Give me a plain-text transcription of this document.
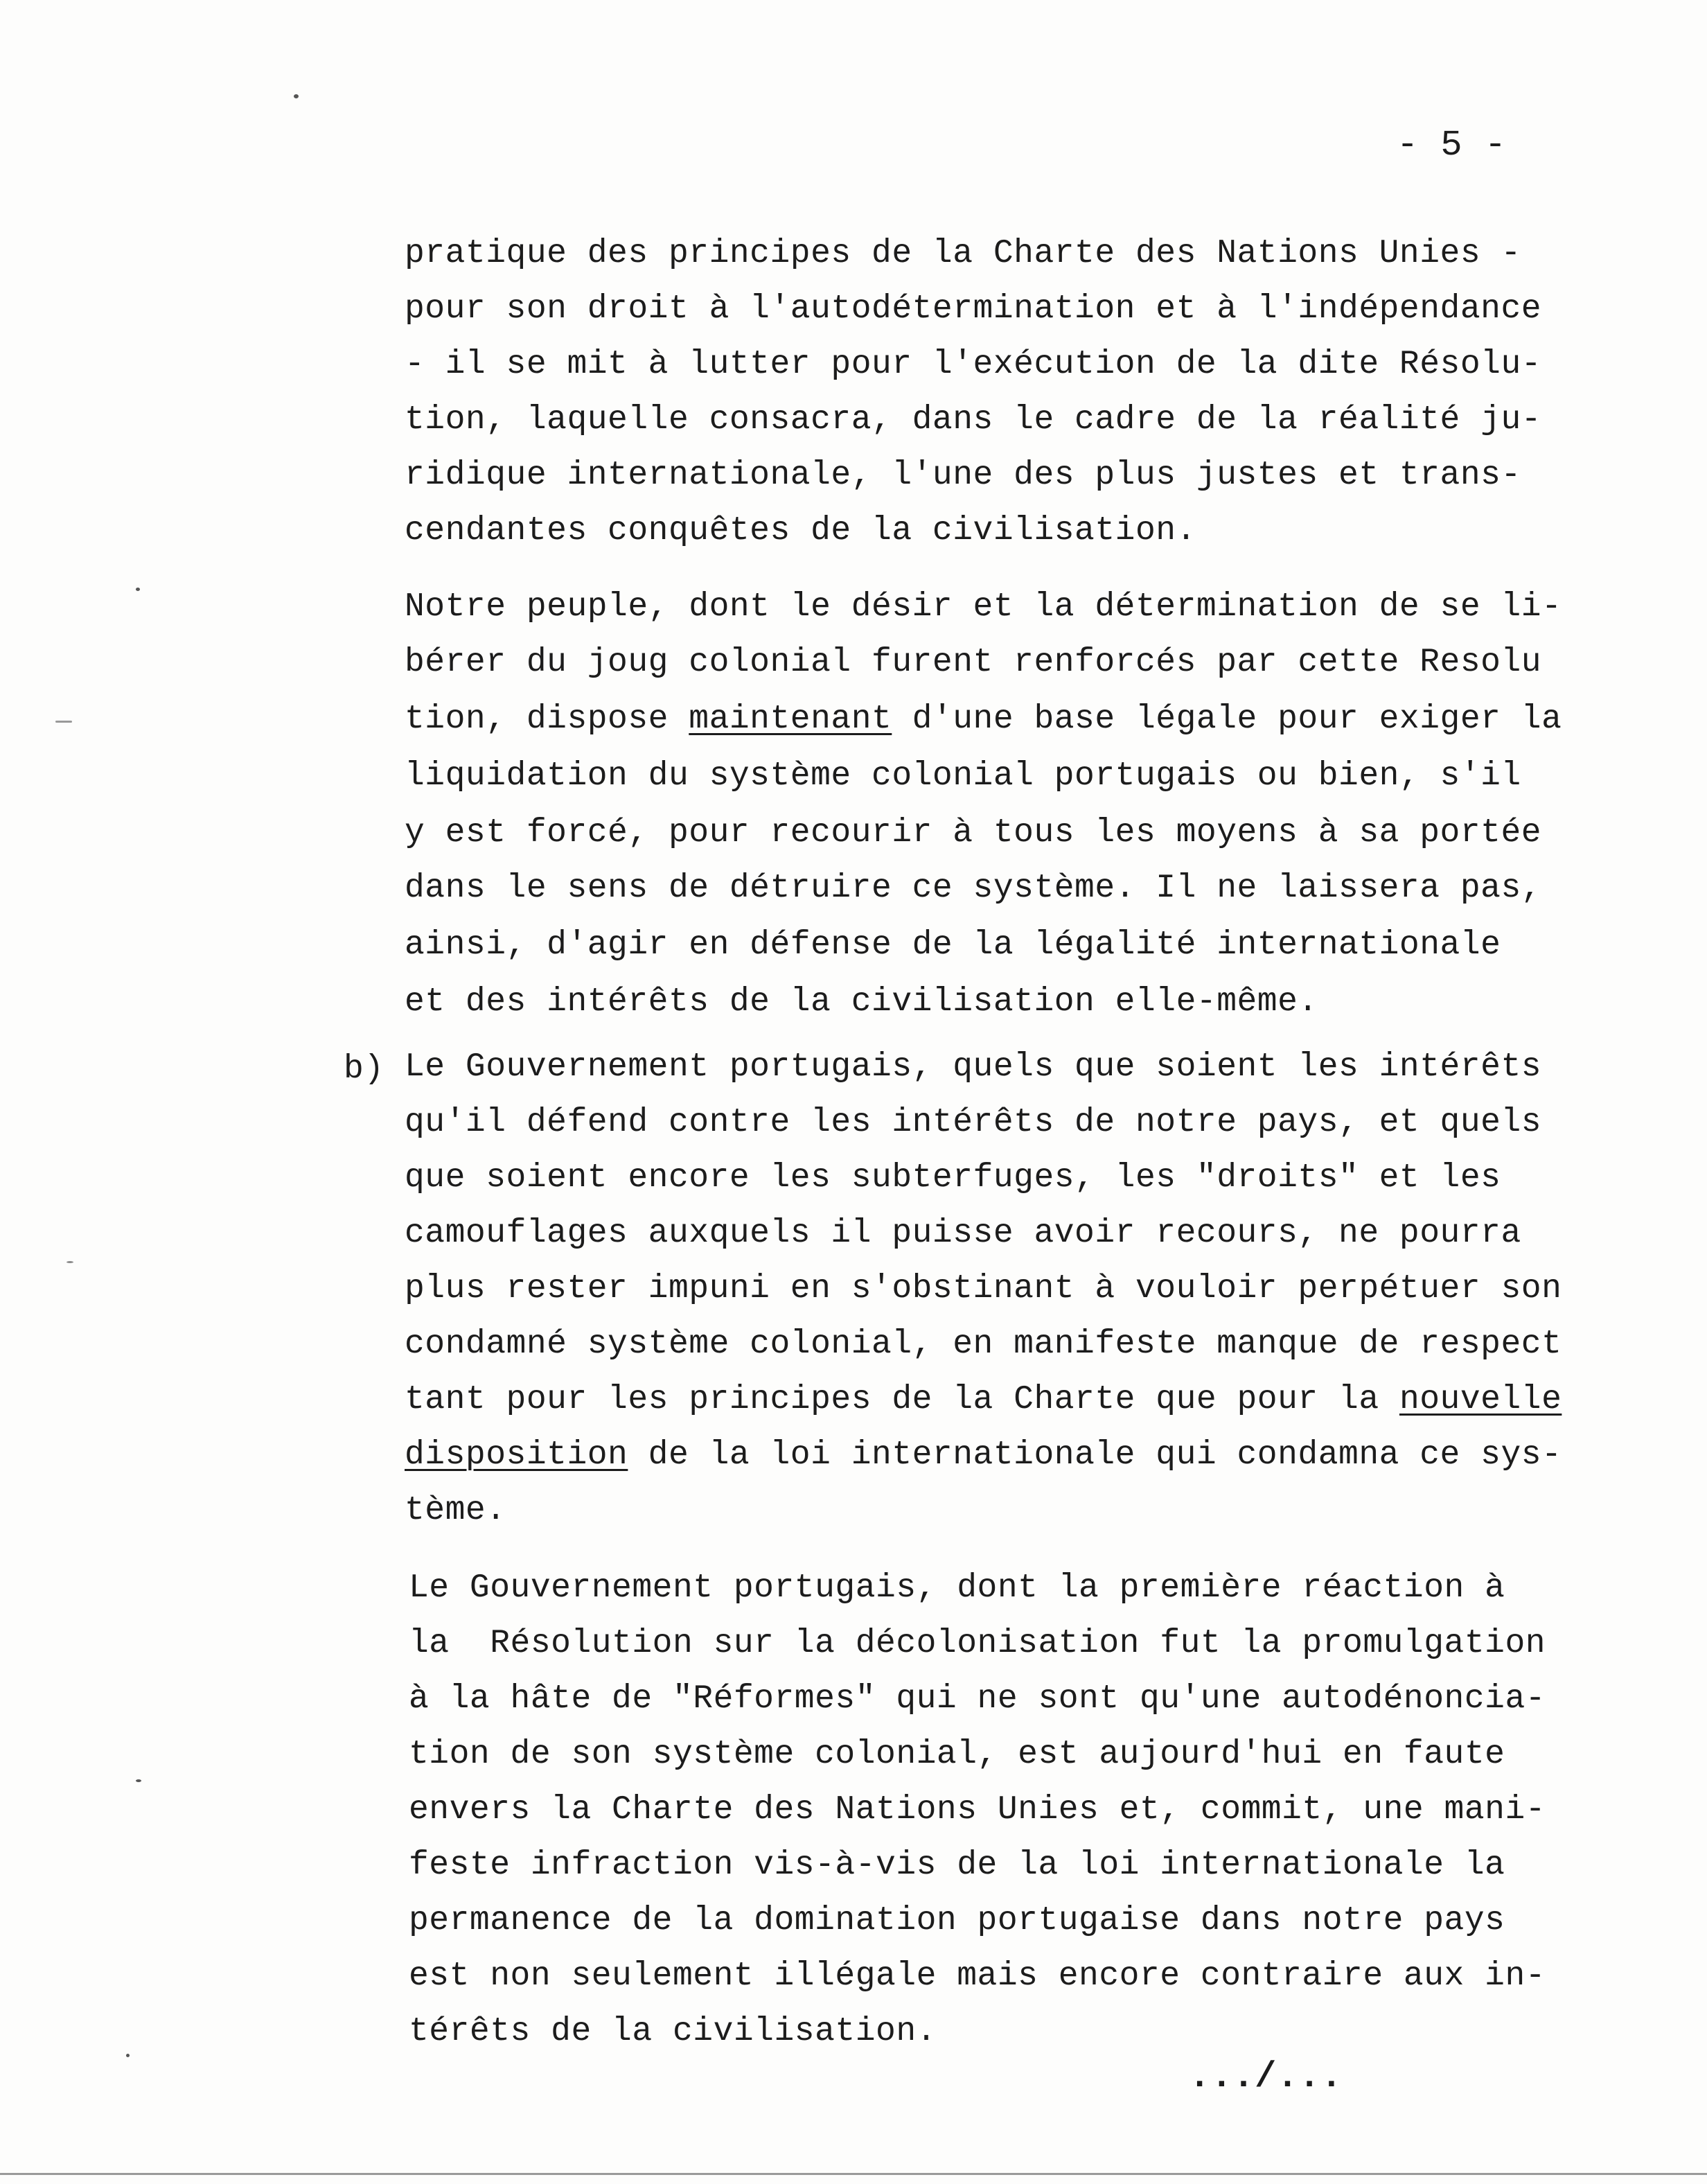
- 5 -
pratique des principes de la Charte des Nations Unies -
pour son droit à l'autodétermination et à l'indépendance
- il se mit à lutter pour l'exécution de la dite Résolu-
tion, laquelle consacra, dans le cadre de la réalité ju-
ridique internationale, l'une des plus justes et trans-
cendantes conquêtes de la civilisation.
Notre peuple, dont le désir et la détermination de se li-
bérer du joug colonial furent renforcés par cette Resolu
tion, dispose maintenant d'une base légale pour exiger la
liquidation du système colonial portugais ou bien, s'il
y est forcé, pour recourir à tous les moyens à sa portée
dans le sens de détruire ce système. Il ne laissera pas,
ainsi, d'agir en défense de la légalité internationale
et des intérêts de la civilisation elle-même.
b) Le Gouvernement portugais, quels que soient les intérêts
qu'il défend contre les intérêts de notre pays, et quels
que soient encore les subterfuges, les "droits" et les
camouflages auxquels il puisse avoir recours, ne pourra
plus rester impuni en s'obstinant à vouloir perpétuer son
condamné système colonial, en manifeste manque de respect
tant pour les principes de la Charte que pour la nouvelle
disposition de la loi internationale qui condamna ce sys-
tème.
Le Gouvernement portugais, dont la première réaction à
la  Résolution sur la décolonisation fut la promulgation
à la hâte de "Réformes" qui ne sont qu'une autodénoncia-
tion de son système colonial, est aujourd'hui en faute
envers la Charte des Nations Unies et, commit, une mani-
feste infraction vis-à-vis de la loi internationale la
permanence de la domination portugaise dans notre pays
est non seulement illégale mais encore contraire aux in-
térêts de la civilisation.
.../...
